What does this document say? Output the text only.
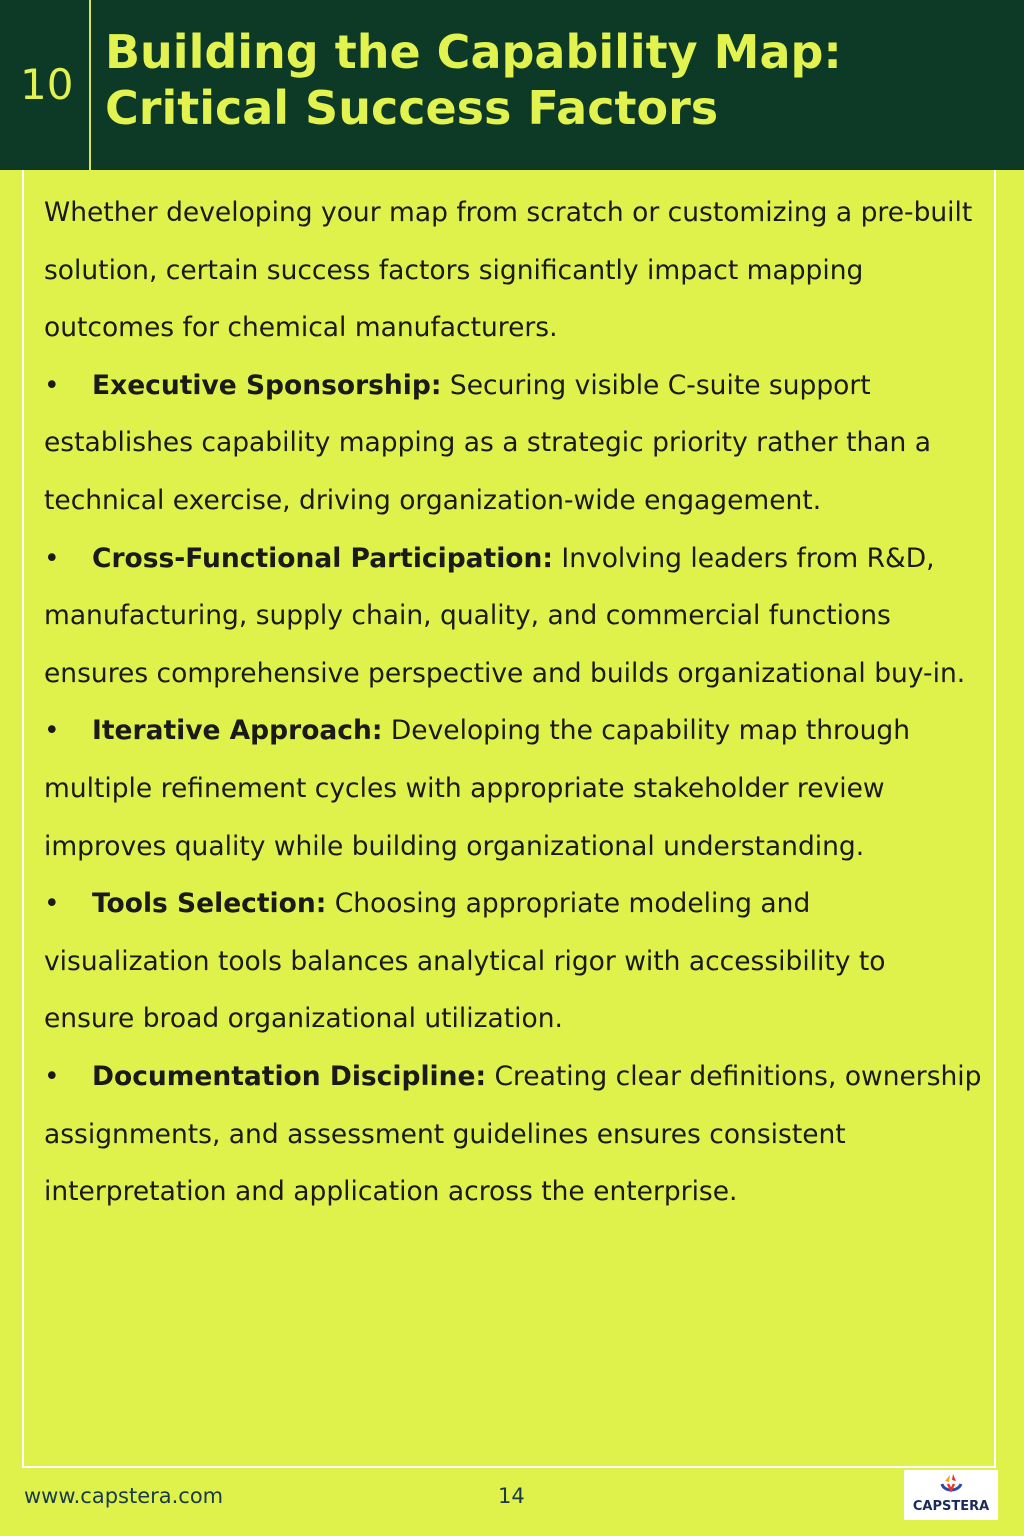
10
Building the Capability Map:
Critical Success Factors

Whether developing your map from scratch or customizing a pre-built solution, certain success factors significantly impact mapping outcomes for chemical manufacturers.

• Executive Sponsorship: Securing visible C-suite support establishes capability mapping as a strategic priority rather than a technical exercise, driving organization-wide engagement.

• Cross-Functional Participation: Involving leaders from R&D, manufacturing, supply chain, quality, and commercial functions ensures comprehensive perspective and builds organizational buy-in.

• Iterative Approach: Developing the capability map through multiple refinement cycles with appropriate stakeholder review improves quality while building organizational understanding.

• Tools Selection: Choosing appropriate modeling and visualization tools balances analytical rigor with accessibility to ensure broad organizational utilization.

• Documentation Discipline: Creating clear definitions, ownership assignments, and assessment guidelines ensures consistent interpretation and application across the enterprise.

www.capstera.com	14	CAPSTERA
